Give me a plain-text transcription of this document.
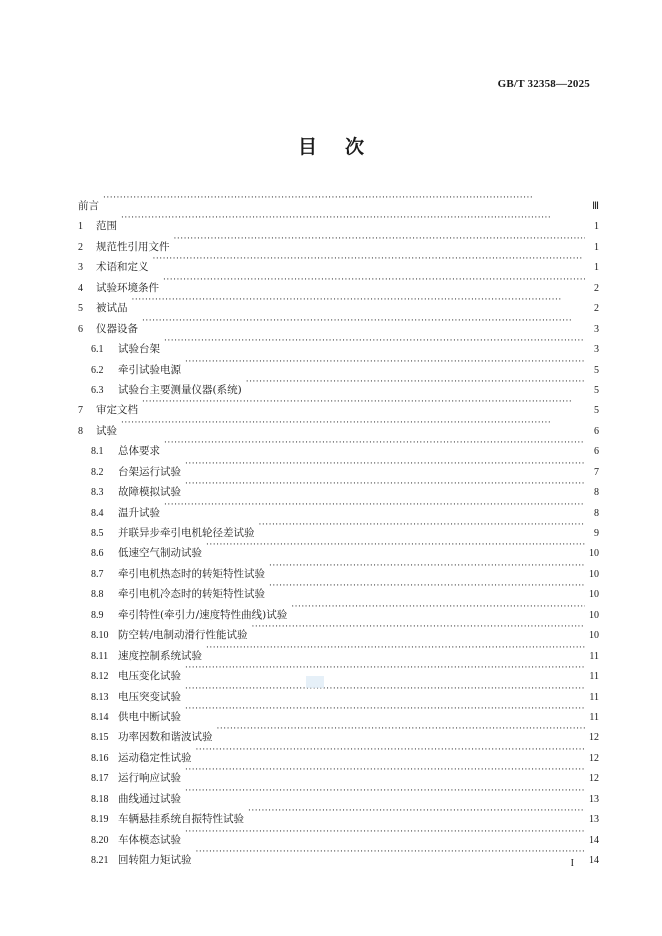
GB/T 32358—2025
目次
前言 ·····	Ⅲ
1	范围 ·····	1
2	规范性引用文件 ·····	1
3	术语和定义 ·····	1
4	试验环境条件 ·····	2
5	被试品 ·····	2
6	仪器设备 ·····	3
6.1	试验台架 ·····	3
6.2	牵引试验电源 ·····	5
6.3	试验台主要测量仪器(系统) ·····	5
7	审定文档 ·····	5
8	试验 ·····	6
8.1	总体要求 ·····	6
8.2	台架运行试验 ·····	7
8.3	故障模拟试验 ·····	8
8.4	温升试验 ·····	8
8.5	并联异步牵引电机轮径差试验 ·····	9
8.6	低速空气制动试验 ·····	10
8.7	牵引电机热态时的转矩特性试验 ·····	10
8.8	牵引电机冷态时的转矩特性试验 ·····	10
8.9	牵引特性(牵引力/速度特性曲线)试验 ·····	10
8.10 防空转/电制动滑行性能试验 ·····	10
8.11 速度控制系统试验 ·····	11
8.12 电压变化试验 ·····	11
8.13 电压突变试验 ·····	11
8.14 供电中断试验 ·····	11
8.15 功率因数和谐波试验 ·····	12
8.16 运动稳定性试验 ·····	12
8.17 运行响应试验 ·····	12
8.18 曲线通过试验 ·····	13
8.19 车辆悬挂系统自振特性试验 ·····	13
8.20 车体模态试验 ·····	14
8.21 回转阻力矩试验 ·····	14
I
